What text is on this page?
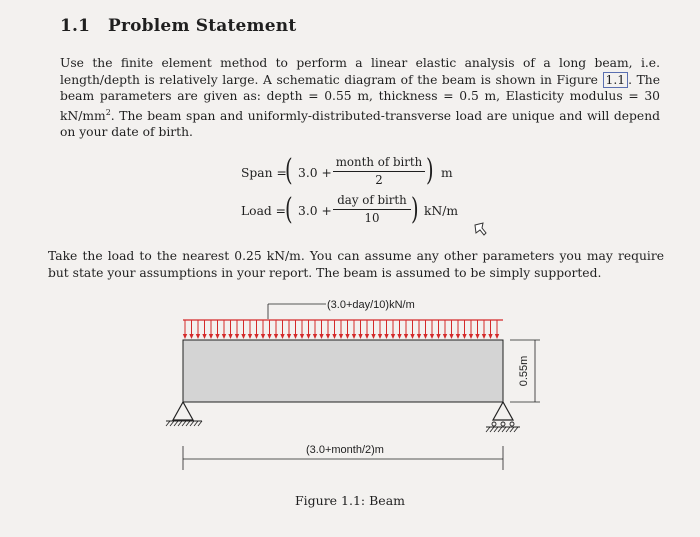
1.1 Problem Statement
Use the finite element method to perform a linear elastic analysis of a long beam, i.e. length/depth is relatively large. A schematic diagram of the beam is shown in Figure 1.1 . The beam parameters are given as: depth = 0.55 m, thickness = 0.5 m, Elasticity modulus = 30 $kN/mm^2$. The beam span and uniformly-distributed-transverse load are unique and will depend on your date of birth.
Span =
( 3.0 +
month of birth
2	) m
Load = ( 3.0 +
day of birth
10	) kN/m
Take the load to the nearest 0.25 kN/m. You can assume any other parameters you may require but state your assumptions in your report. The beam is assumed to be simply supported.
(3.0+day/10)kN/m
0.55m
(3.0+month/2)m
Figure 1.1: Beam
